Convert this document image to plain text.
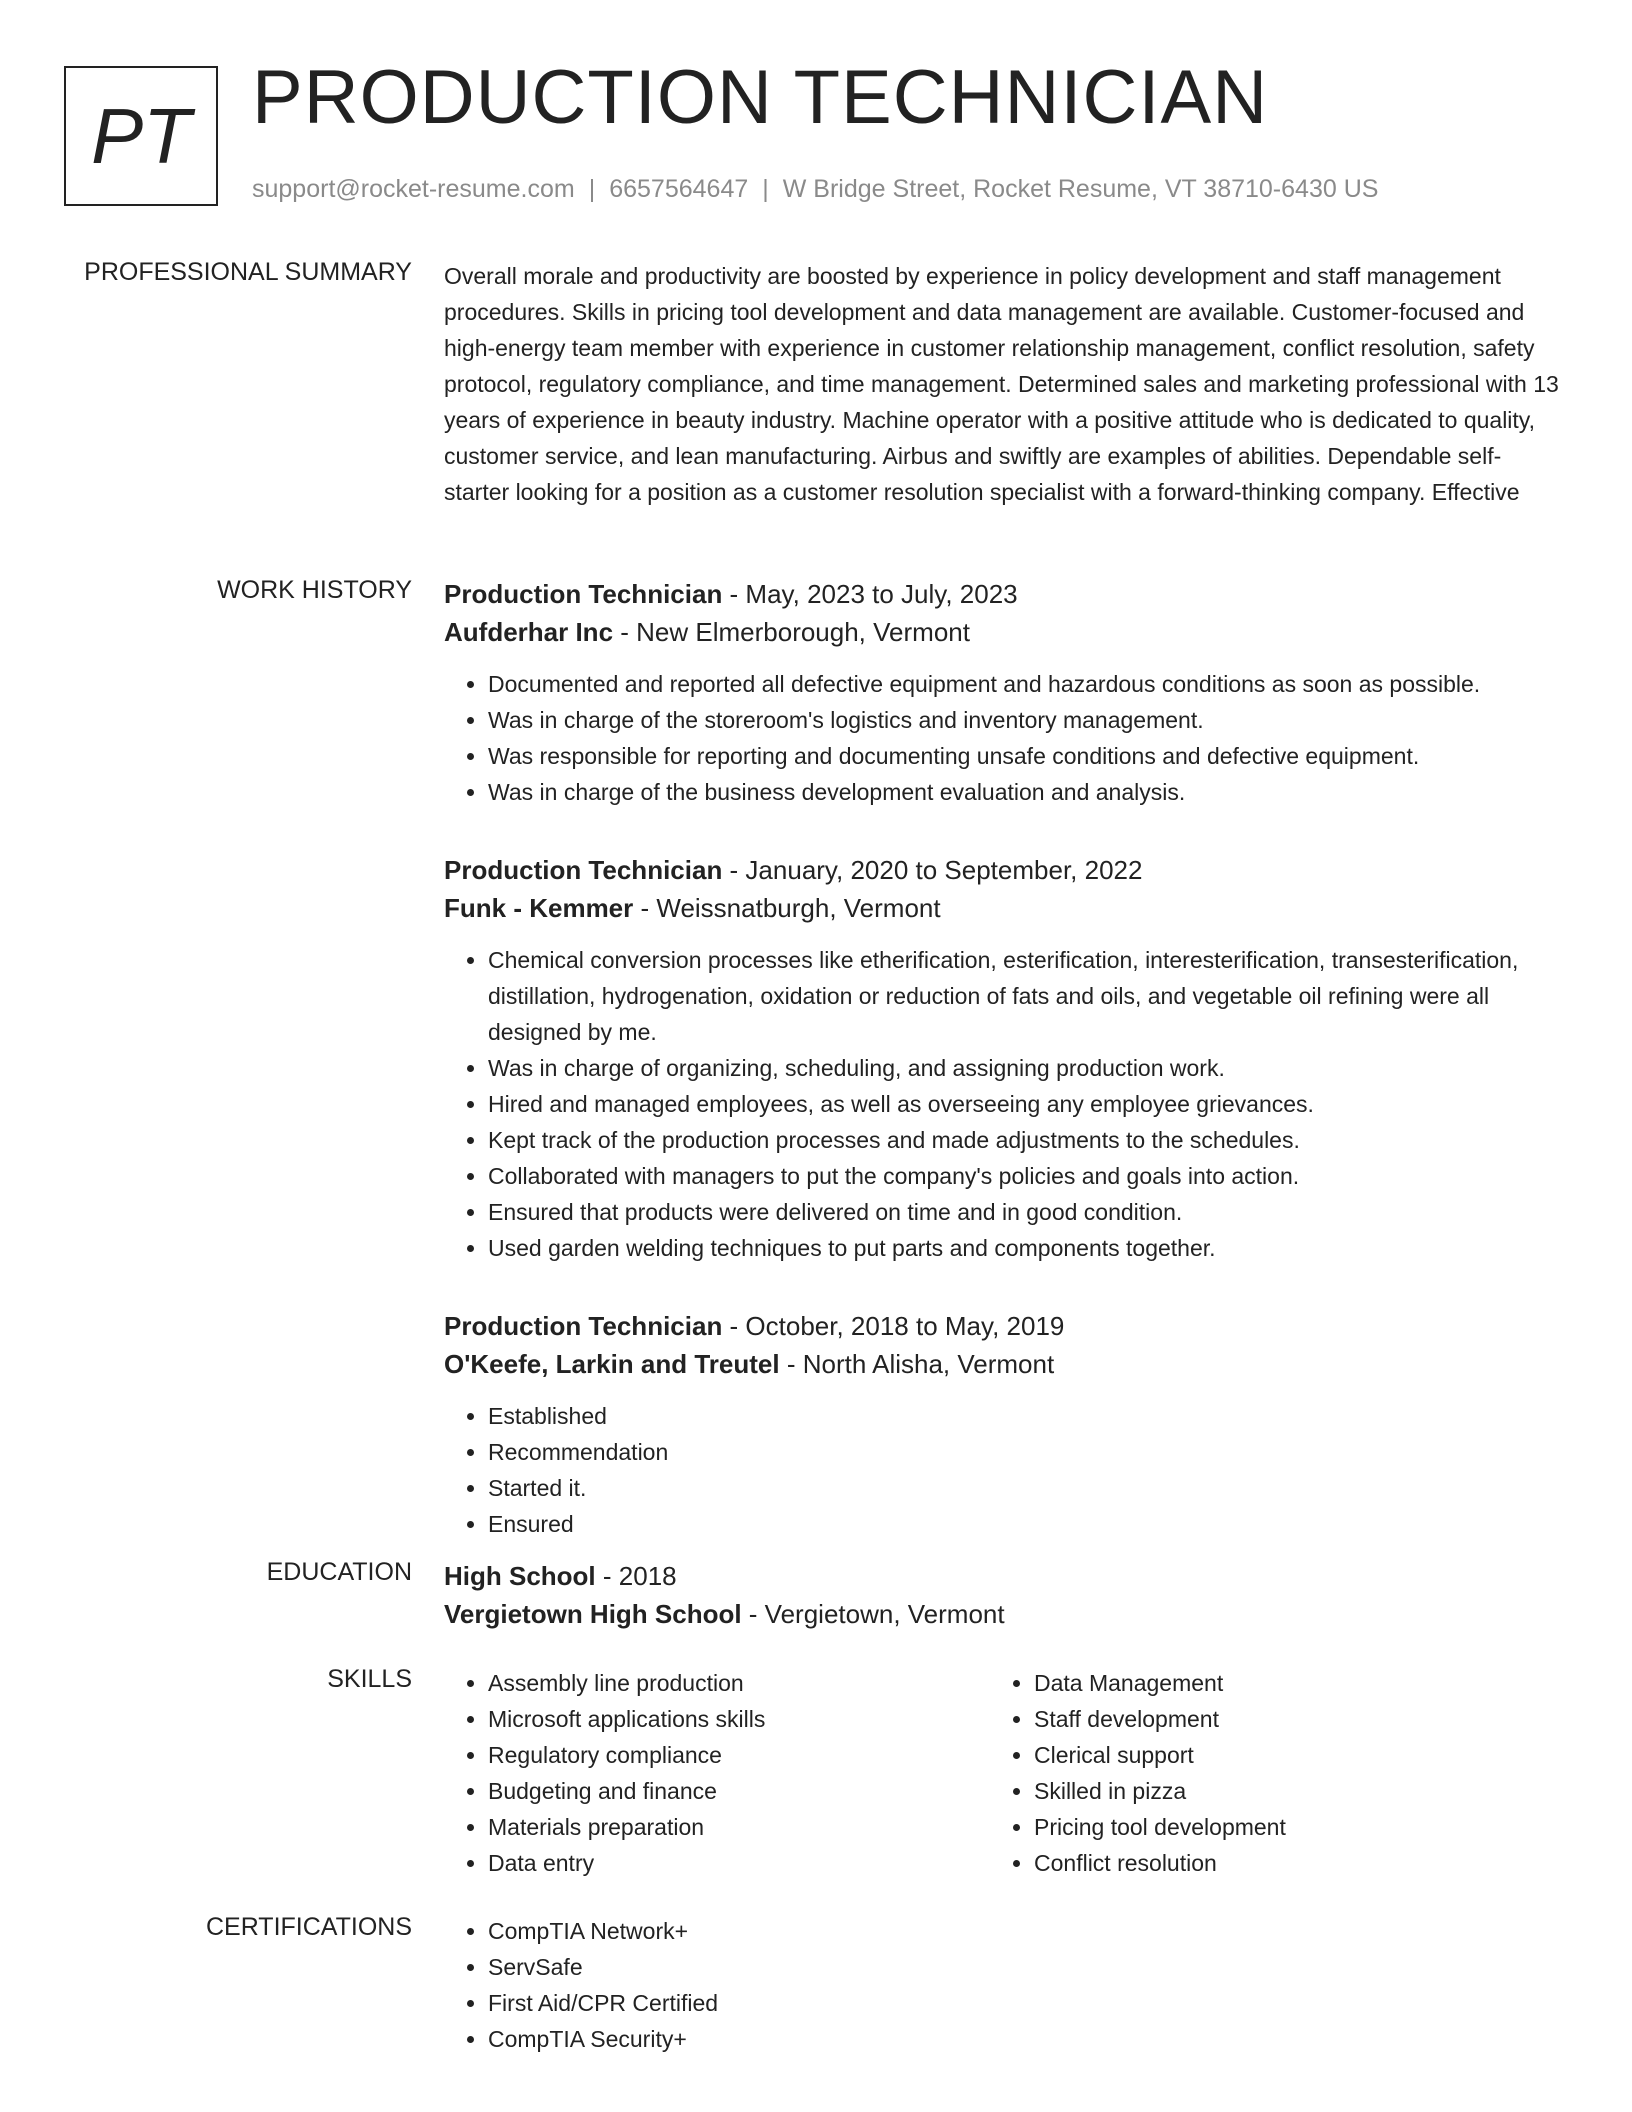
PT PRODUCTION TECHNICIAN
support@rocket-resume.com | 6657564647 | W Bridge Street, Rocket Resume, VT 38710-6430 US
PROFESSIONAL SUMMARY Overall morale and productivity are boosted by experience in policy development and staff management procedures. Skills in pricing tool development and data management are available. Customer-focused and high-energy team member with experience in customer relationship management, conflict resolution, safety protocol, regulatory compliance, and time management. Determined sales and marketing professional with 13 years of experience in beauty industry. Machine operator with a positive attitude who is dedicated to quality, customer service, and lean manufacturing. Airbus and swiftly are examples of abilities. Dependable self-starter looking for a position as a customer resolution specialist with a forward-thinking company. Effective

WORK HISTORY Production Technician - May, 2023 to July, 2023

Aufderhar Inc - New Elmerborough, Vermont

• Documented and reported all defective equipment and hazardous conditions as soon as possible.
• Was in charge of the storeroom's logistics and inventory management.
• Was responsible for reporting and documenting unsafe conditions and defective equipment.
• Was in charge of the business development evaluation and analysis.

Production Technician - January, 2020 to September, 2022

Funk - Kemmer - Weissnatburgh, Vermont

• Chemical conversion processes like etherification, esterification, interesterification, transesterification, distillation, hydrogenation, oxidation or reduction of fats and oils, and vegetable oil refining were all designed by me.
• Was in charge of organizing, scheduling, and assigning production work.
• Hired and managed employees, as well as overseeing any employee grievances.
• Kept track of the production processes and made adjustments to the schedules.
• Collaborated with managers to put the company's policies and goals into action.
• Ensured that products were delivered on time and in good condition.
• Used garden welding techniques to put parts and components together.

Production Technician - October, 2018 to May, 2019

O'Keefe, Larkin and Treutel - North Alisha, Vermont

• Established
• Recommendation
• Started it.
• Ensured
EDUCATION High School - 2018

Vergietown High School - Vergietown, Vermont

SKILLS	• Assembly line production
• Microsoft applications skills
• Regulatory compliance
• Budgeting and finance
• Materials preparation
• Data entry
• Data Management
• Staff development
• Clerical support
• Skilled in pizza
• Pricing tool development
• Conflict resolution
CERTIFICATIONS	• CompTIA Network+
• ServSafe
• First Aid/CPR Certified
• CompTIA Security+
